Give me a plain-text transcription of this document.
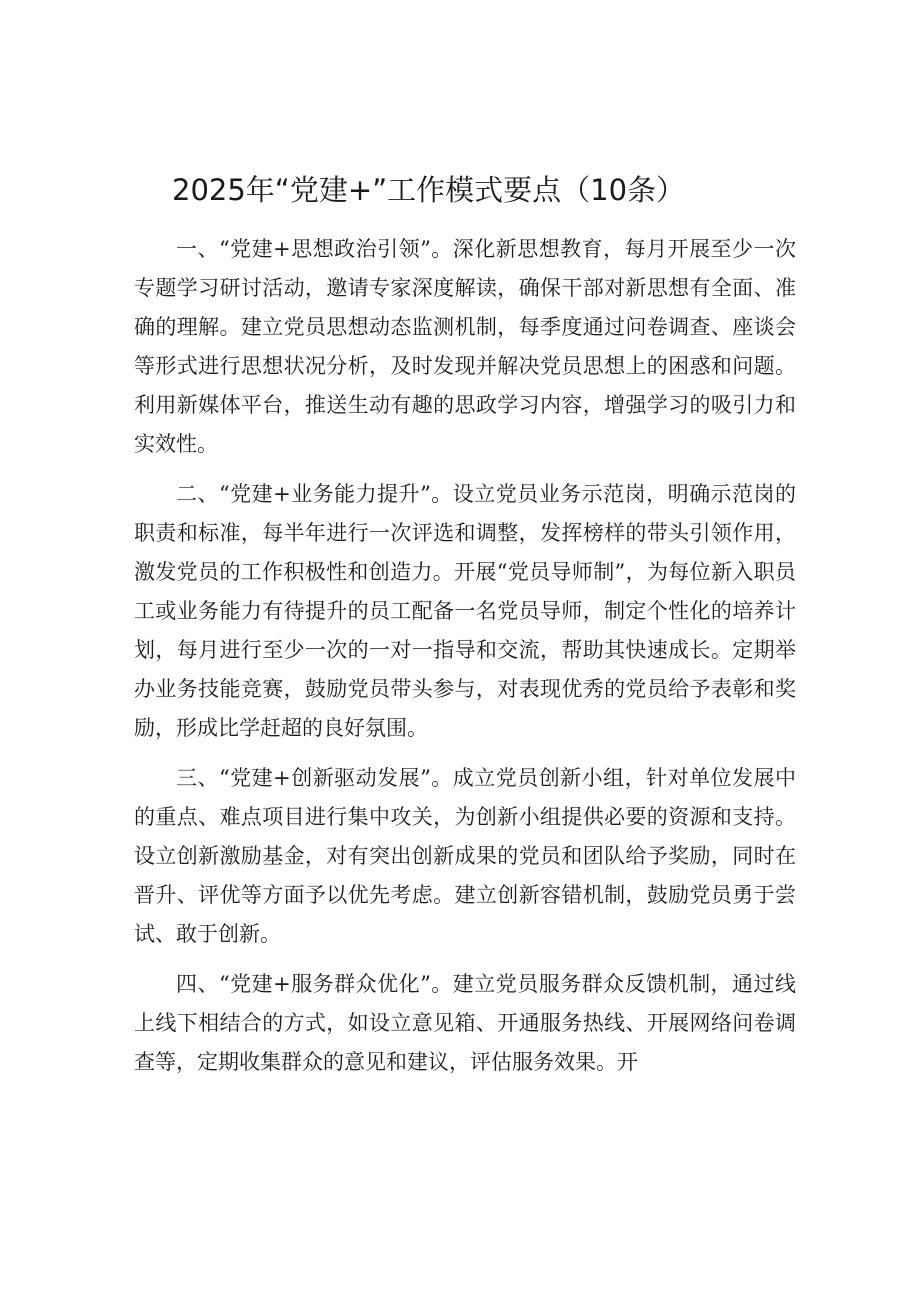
2025年“党建+”工作模式要点（10条）

一、“党建+思想政治引领”。深化新思想教育，每月开展至少一次专题学习研讨活动，邀请专家深度解读，确保干部对新思想有全面、准确的理解。建立党员思想动态监测机制，每季度通过问卷调查、座谈会等形式进行思想状况分析，及时发现并解决党员思想上的困惑和问题。利用新媒体平台，推送生动有趣的思政学习内容，增强学习的吸引力和实效性。

二、“党建+业务能力提升”。设立党员业务示范岗，明确示范岗的职责和标准，每半年进行一次评选和调整，发挥榜样的带头引领作用，激发党员的工作积极性和创造力。开展“党员导师制”，为每位新入职员工或业务能力有待提升的员工配备一名党员导师，制定个性化的培养计划，每月进行至少一次的一对一指导和交流，帮助其快速成长。定期举办业务技能竞赛，鼓励党员带头参与，对表现优秀的党员给予表彰和奖励，形成比学赶超的良好氛围。

三、“党建+创新驱动发展”。成立党员创新小组，针对单位发展中的重点、难点项目进行集中攻关，为创新小组提供必要的资源和支持。设立创新激励基金，对有突出创新成果的党员和团队给予奖励，同时在晋升、评优等方面予以优先考虑。建立创新容错机制，鼓励党员勇于尝试、敢于创新。

四、“党建+服务群众优化”。建立党员服务群众反馈机制，通过线上线下相结合的方式，如设立意见箱、开通服务热线、开展网络问卷调查等，定期收集群众的意见和建议，评估服务效果。开
